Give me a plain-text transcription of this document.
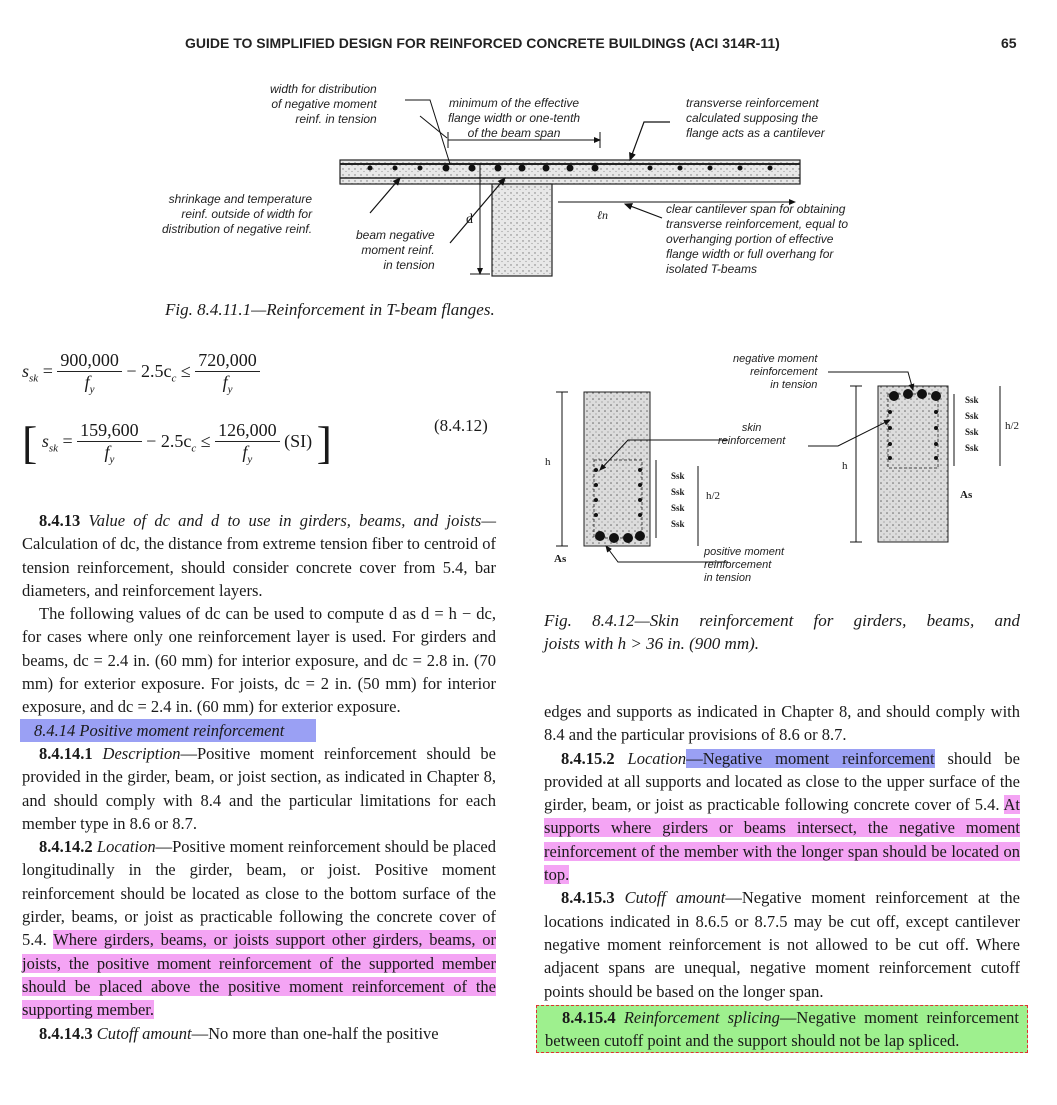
GUIDE TO SIMPLIFIED DESIGN FOR REINFORCED CONCRETE BUILDINGS (ACI 314R-11)	65
width for distribution
of negative moment
reinf. in tension
minimum of the effective
flange width or one-tenth
of the beam span
transverse reinforcement
calculated supposing the
flange acts as a cantilever
shrinkage and temperature
reinf. outside of width for
distribution of negative reinf.	beam negative
moment reinf.
in tension
clear cantilever span for obtaining
transverse reinforcement, equal to
overhanging portion of effective
flange width or full overhang for
isolated T-beams
d	ℓn
Fig. 8.4.11.1—Reinforcement in T-beam flanges.
$s_{sk} = \frac{900,000}{f_y} - 2.5c_c \le \frac{720,000}{f_y}$
[ $s_{sk} = \frac{159,600}{f_y} - 2.5c_c \le \frac{126,000}{f_y} (SI)$ ]	(8.4.12)
h	h
h/2
h/2
As
As
Ssk
Ssk
Ssk
Ssk
Ssk
Ssk
Ssk
Ssk
skin
reinforcement
negative moment
reinforcement
in tension
positive moment
reinforcement
in tension
Fig. 8.4.12—Skin reinforcement for girders, beams, and
joists with h > 36 in. (900 mm).

8.4.13 Value of dc and d to use in girders, beams, and joists— Calculation of dc, the distance from extreme tension fiber to centroid of tension reinforcement, should consider concrete cover from 5.4, bar diameters, and reinforcement layers.

The following values of dc can be used to compute d as d = h − dc, for cases where only one reinforcement layer is used. For girders and beams, dc = 2.4 in. (60 mm) for interior exposure, and dc = 2.8 in. (70 mm) for exterior exposure. For joists, dc = 2 in. (50 mm) for interior exposure, and dc = 2.4 in. (60 mm) for exterior exposure.

8.4.14 Positive moment reinforcement

8.4.14.1 Description—Positive moment reinforcement should be provided in the girder, beam, or joist section, as indicated in Chapter 8, and should comply with 8.4 and the particular limitations for each member type in 8.6 or 8.7.

8.4.14.2 Location—Positive moment reinforcement should be placed longitudinally in the girder, beam, or joist. Positive moment reinforcement should be located as close to the bottom surface of the girder, beams, or joist as practicable following the concrete cover of 5.4. Where girders, beams, or joists support other girders, beams, or joists, the positive moment reinforcement of the supported member should be placed above the positive moment reinforcement of the supporting member.

8.4.14.3 Cutoff amount—No more than one-half the positive

edges and supports as indicated in Chapter 8, and should comply with 8.4 and the particular provisions of 8.6 or 8.7.

8.4.15.2 Location—Negative moment reinforcement should be provided at all supports and located as close to the upper surface of the girder, beam, or joist as practicable following concrete cover of 5.4. At supports where girders or beams intersect, the negative moment reinforcement of the member with the longer span should be located on top.

8.4.15.3 Cutoff amount—Negative moment reinforcement at the locations indicated in 8.6.5 or 8.7.5 may be cut off, except cantilever negative moment reinforcement is not allowed to be cut off. Where adjacent spans are unequal, negative moment reinforcement cutoff points should be based on the longer span.

8.4.15.4 Reinforcement splicing—Negative moment reinforcement between cutoff point and the support should not be lap spliced.
